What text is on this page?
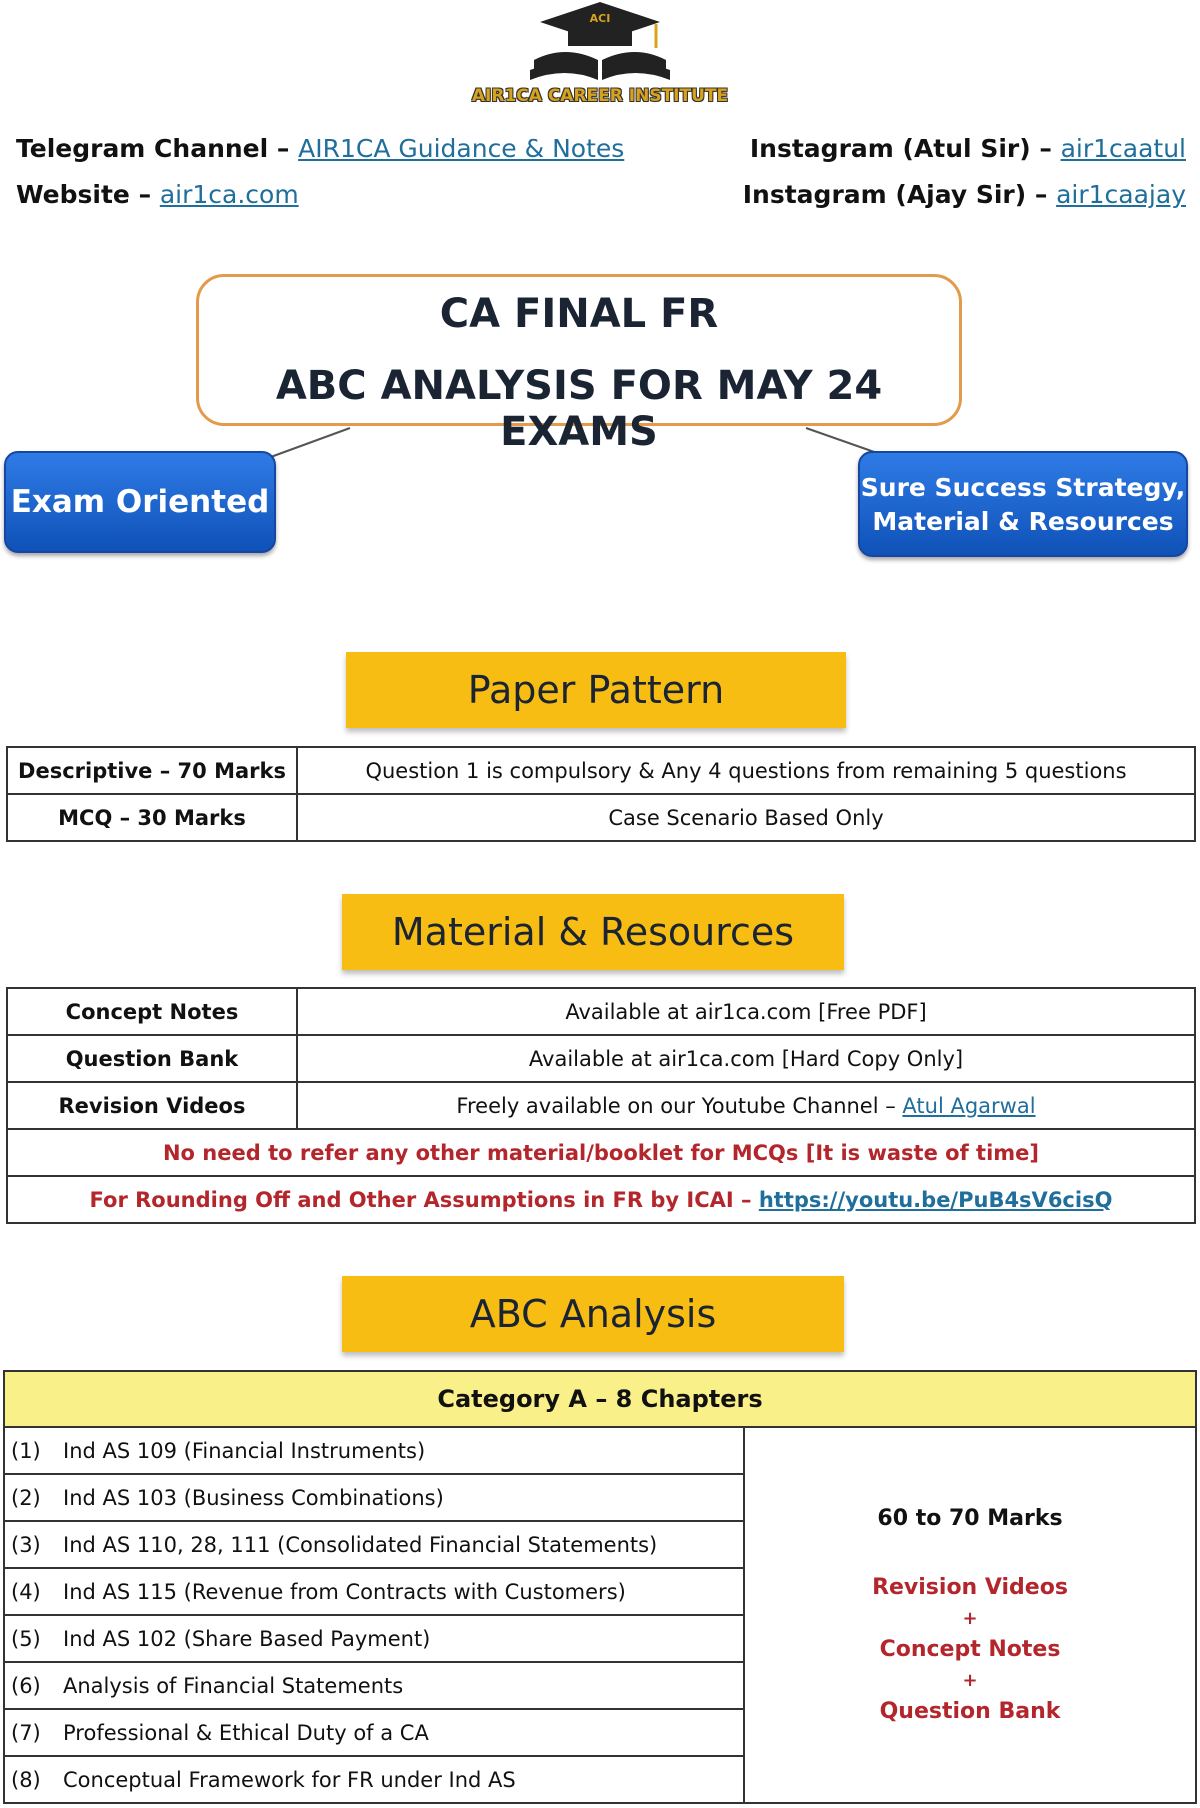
ACI
AIR1CA CAREER INSTITUTE
Telegram Channel – AIR1CA Guidance & Notes
Website – air1ca.com
Instagram (Atul Sir) – air1caatul
Instagram (Ajay Sir) – air1caajay
CA FINAL FR
ABC ANALYSIS FOR MAY 24 EXAMS
Exam Oriented	Sure Success Strategy,
Material & Resources
Paper Pattern
Descriptive – 70 Marks	Question 1 is compulsory & Any 4 questions from remaining 5 questions
MCQ – 30 Marks	Case Scenario Based Only
Material & Resources
Concept Notes	Available at air1ca.com [Free PDF]
Question Bank	Available at air1ca.com [Hard Copy Only]
Revision Videos	Freely available on our Youtube Channel – Atul Agarwal
No need to refer any other material/booklet for MCQs [It is waste of time]	
For Rounding Off and Other Assumptions in FR by ICAI – https://youtu.be/PuB4sV6cisQ	
ABC Analysis
Category A – 8 Chapters
(1) Ind AS 109 (Financial Instruments)	
60 to 70 Marks
Revision Videos
+
Concept Notes
+
Question Bank

(2) Ind AS 103 (Business Combinations)
(3) Ind AS 110, 28, 111 (Consolidated Financial Statements)
(4) Ind AS 115 (Revenue from Contracts with Customers)
(5) Ind AS 102 (Share Based Payment)
(6) Analysis of Financial Statements
(7) Professional & Ethical Duty of a CA
(8) Conceptual Framework for FR under Ind AS
